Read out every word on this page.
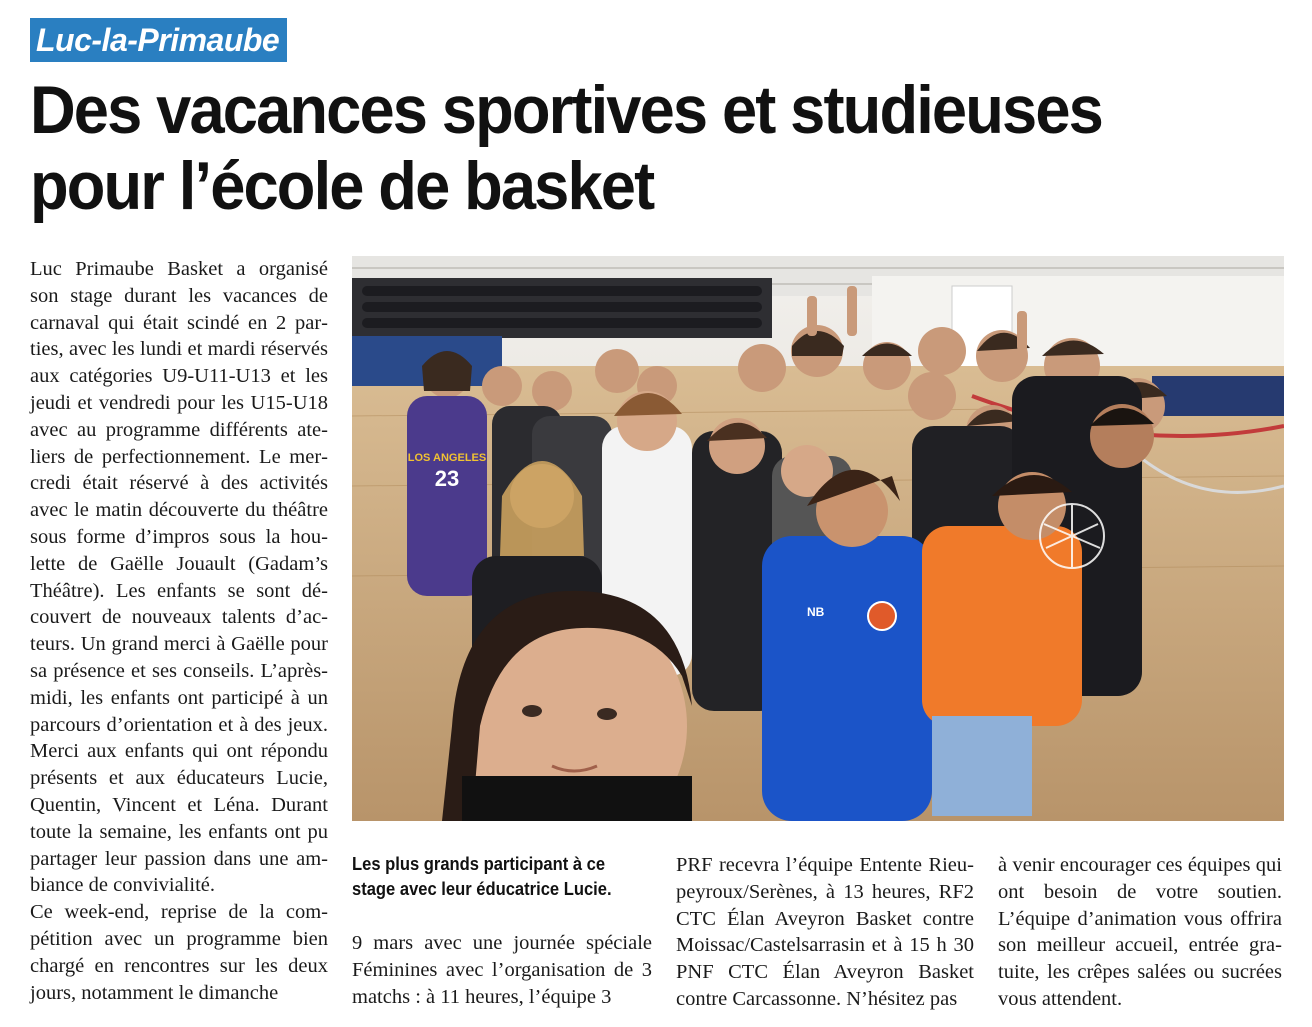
Luc-la-Primaube
Des vacances sportives et studieuses
pour l’école de basket

Luc Primaube Basket a organisé son stage durant les vacances de carnaval qui était scindé en 2 parties, avec les lundi et mardi réservés aux catégories U9-U11-U13 et les jeudi et vendredi pour les U15-U18 avec au programme différents ateliers de perfectionnement. Le mercredi était réservé à des activités avec le matin découverte du théâtre sous forme d’impros sous la houlette de Gaëlle Jouault (Gadam’s Théâtre). Les enfants se sont découvert de nouveaux talents d’acteurs. Un grand merci à Gaëlle pour sa présence et ses conseils. L’après-midi, les enfants ont participé à un parcours d’orientation et à des jeux. Merci aux enfants qui ont répondu présents et aux éducateurs Lucie, Quentin, Vincent et Léna. Durant toute la semaine, les enfants ont pu partager leur passion dans une ambiance de convivialité.

Ce week-end, reprise de la compétition avec un programme bien chargé en rencontres sur les deux jours, notamment le dimanche

LOS ANGELES
23
NB
Les plus grands participant à ce stage avec leur éducatrice Lucie.

9 mars avec une journée spéciale Féminines avec l’organisation de 3 matchs : à 11 heures, l’équipe 3

PRF recevra l’équipe Entente Rieupeyroux/Serènes, à 13 heures, RF2 CTC Élan Aveyron Basket contre Moissac/Castelsarrasin et à 15 h 30 PNF CTC Élan Aveyron Basket contre Carcassonne. N’hésitez pas

à venir encourager ces équipes qui ont besoin de votre soutien. L’équipe d’animation vous offrira son meilleur accueil, entrée gratuite, les crêpes salées ou sucrées vous attendent.
